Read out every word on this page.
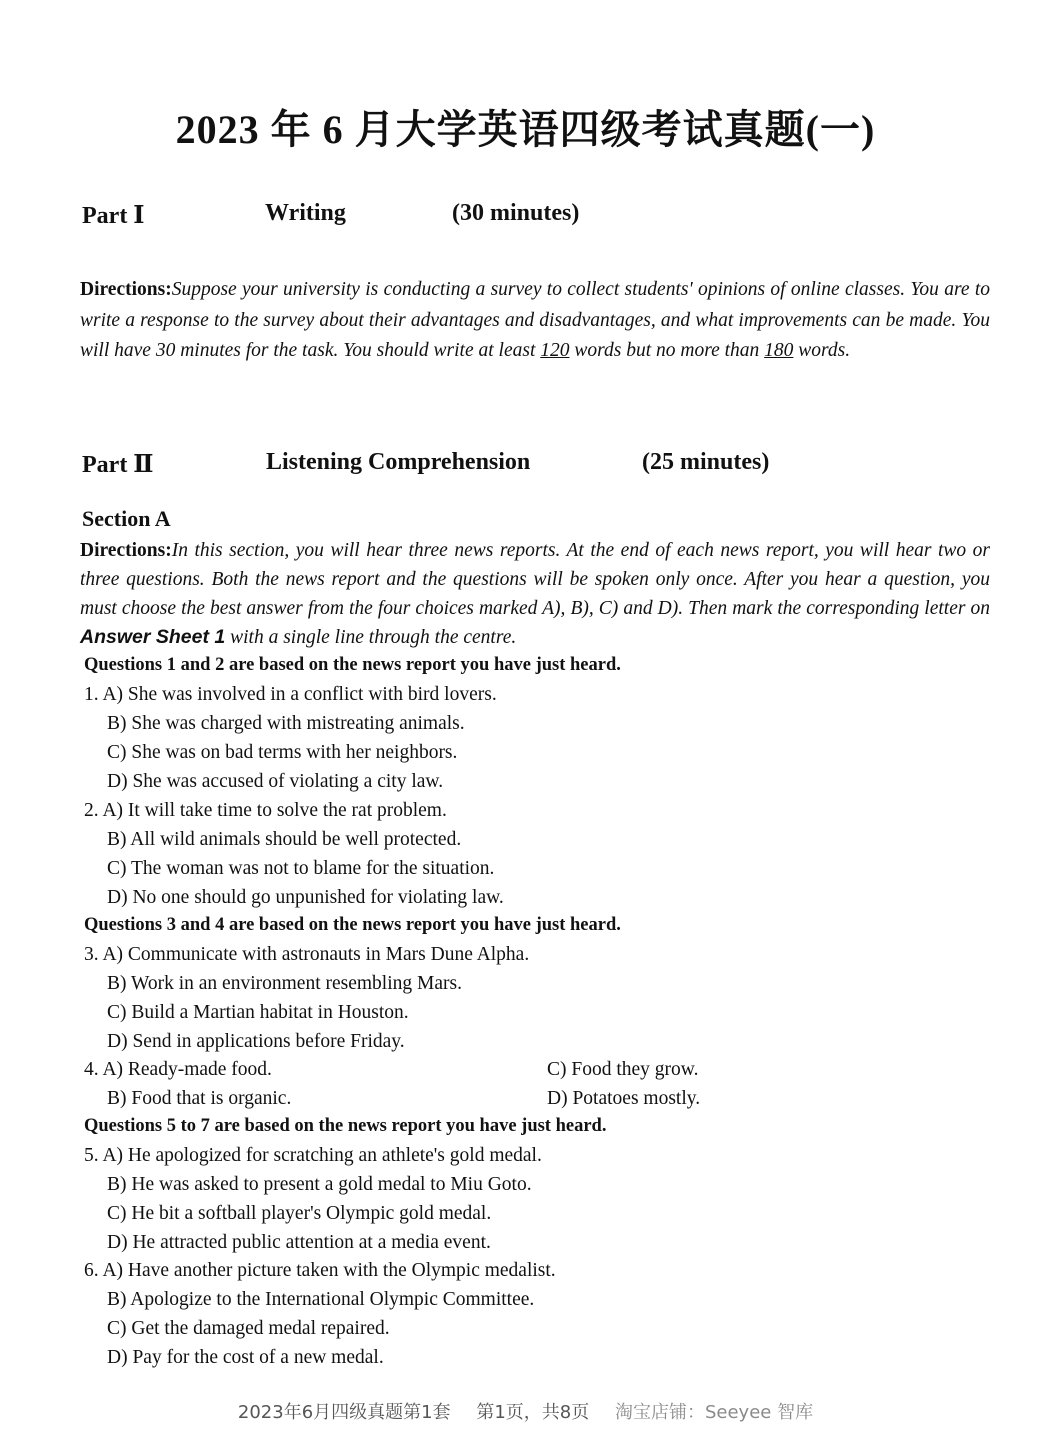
2023 年 6 月大学英语四级考试真题(一)
Part Ⅰ	Writing	(30 minutes)
Directions:Suppose your university is conducting a survey to collect students' opinions of online classes. You are to write a response to the survey about their advantages and disadvantages, and what improvements can be made. You will have 30 minutes for the task. You should write at least 120 words but no more than 180 words.
Part Ⅱ	Listening Comprehension	(25 minutes)
Section A
Directions:In this section, you will hear three news reports. At the end of each news report, you will hear two or three questions. Both the news report and the questions will be spoken only once. After you hear a question, you must choose the best answer from the four choices marked A), B), C) and D). Then mark the corresponding letter on Answer Sheet 1 with a single line through the centre.
Questions 1 and 2 are based on the news report you have just heard.
1. A) She was involved in a conflict with bird lovers.
B) She was charged with mistreating animals.
C) She was on bad terms with her neighbors.
D) She was accused of violating a city law.
2. A) It will take time to solve the rat problem.
B) All wild animals should be well protected.
C) The woman was not to blame for the situation.
D) No one should go unpunished for violating law.
Questions 3 and 4 are based on the news report you have just heard.
3. A) Communicate with astronauts in Mars Dune Alpha.
B) Work in an environment resembling Mars.
C) Build a Martian habitat in Houston.
D) Send in applications before Friday.
4. A) Ready-made food.	C) Food they grow.
B) Food that is organic.	D) Potatoes mostly.
Questions 5 to 7 are based on the news report you have just heard.
5. A) He apologized for scratching an athlete's gold medal.
B) He was asked to present a gold medal to Miu Goto.
C) He bit a softball player's Olympic gold medal.
D) He attracted public attention at a media event.
6. A) Have another picture taken with the Olympic medalist.
B) Apologize to the International Olympic Committee.
C) Get the damaged medal repaired.
D) Pay for the cost of a new medal.
2023年6月四级真题第1套 第1页，共8页 淘宝店铺：Seeyee 智库
